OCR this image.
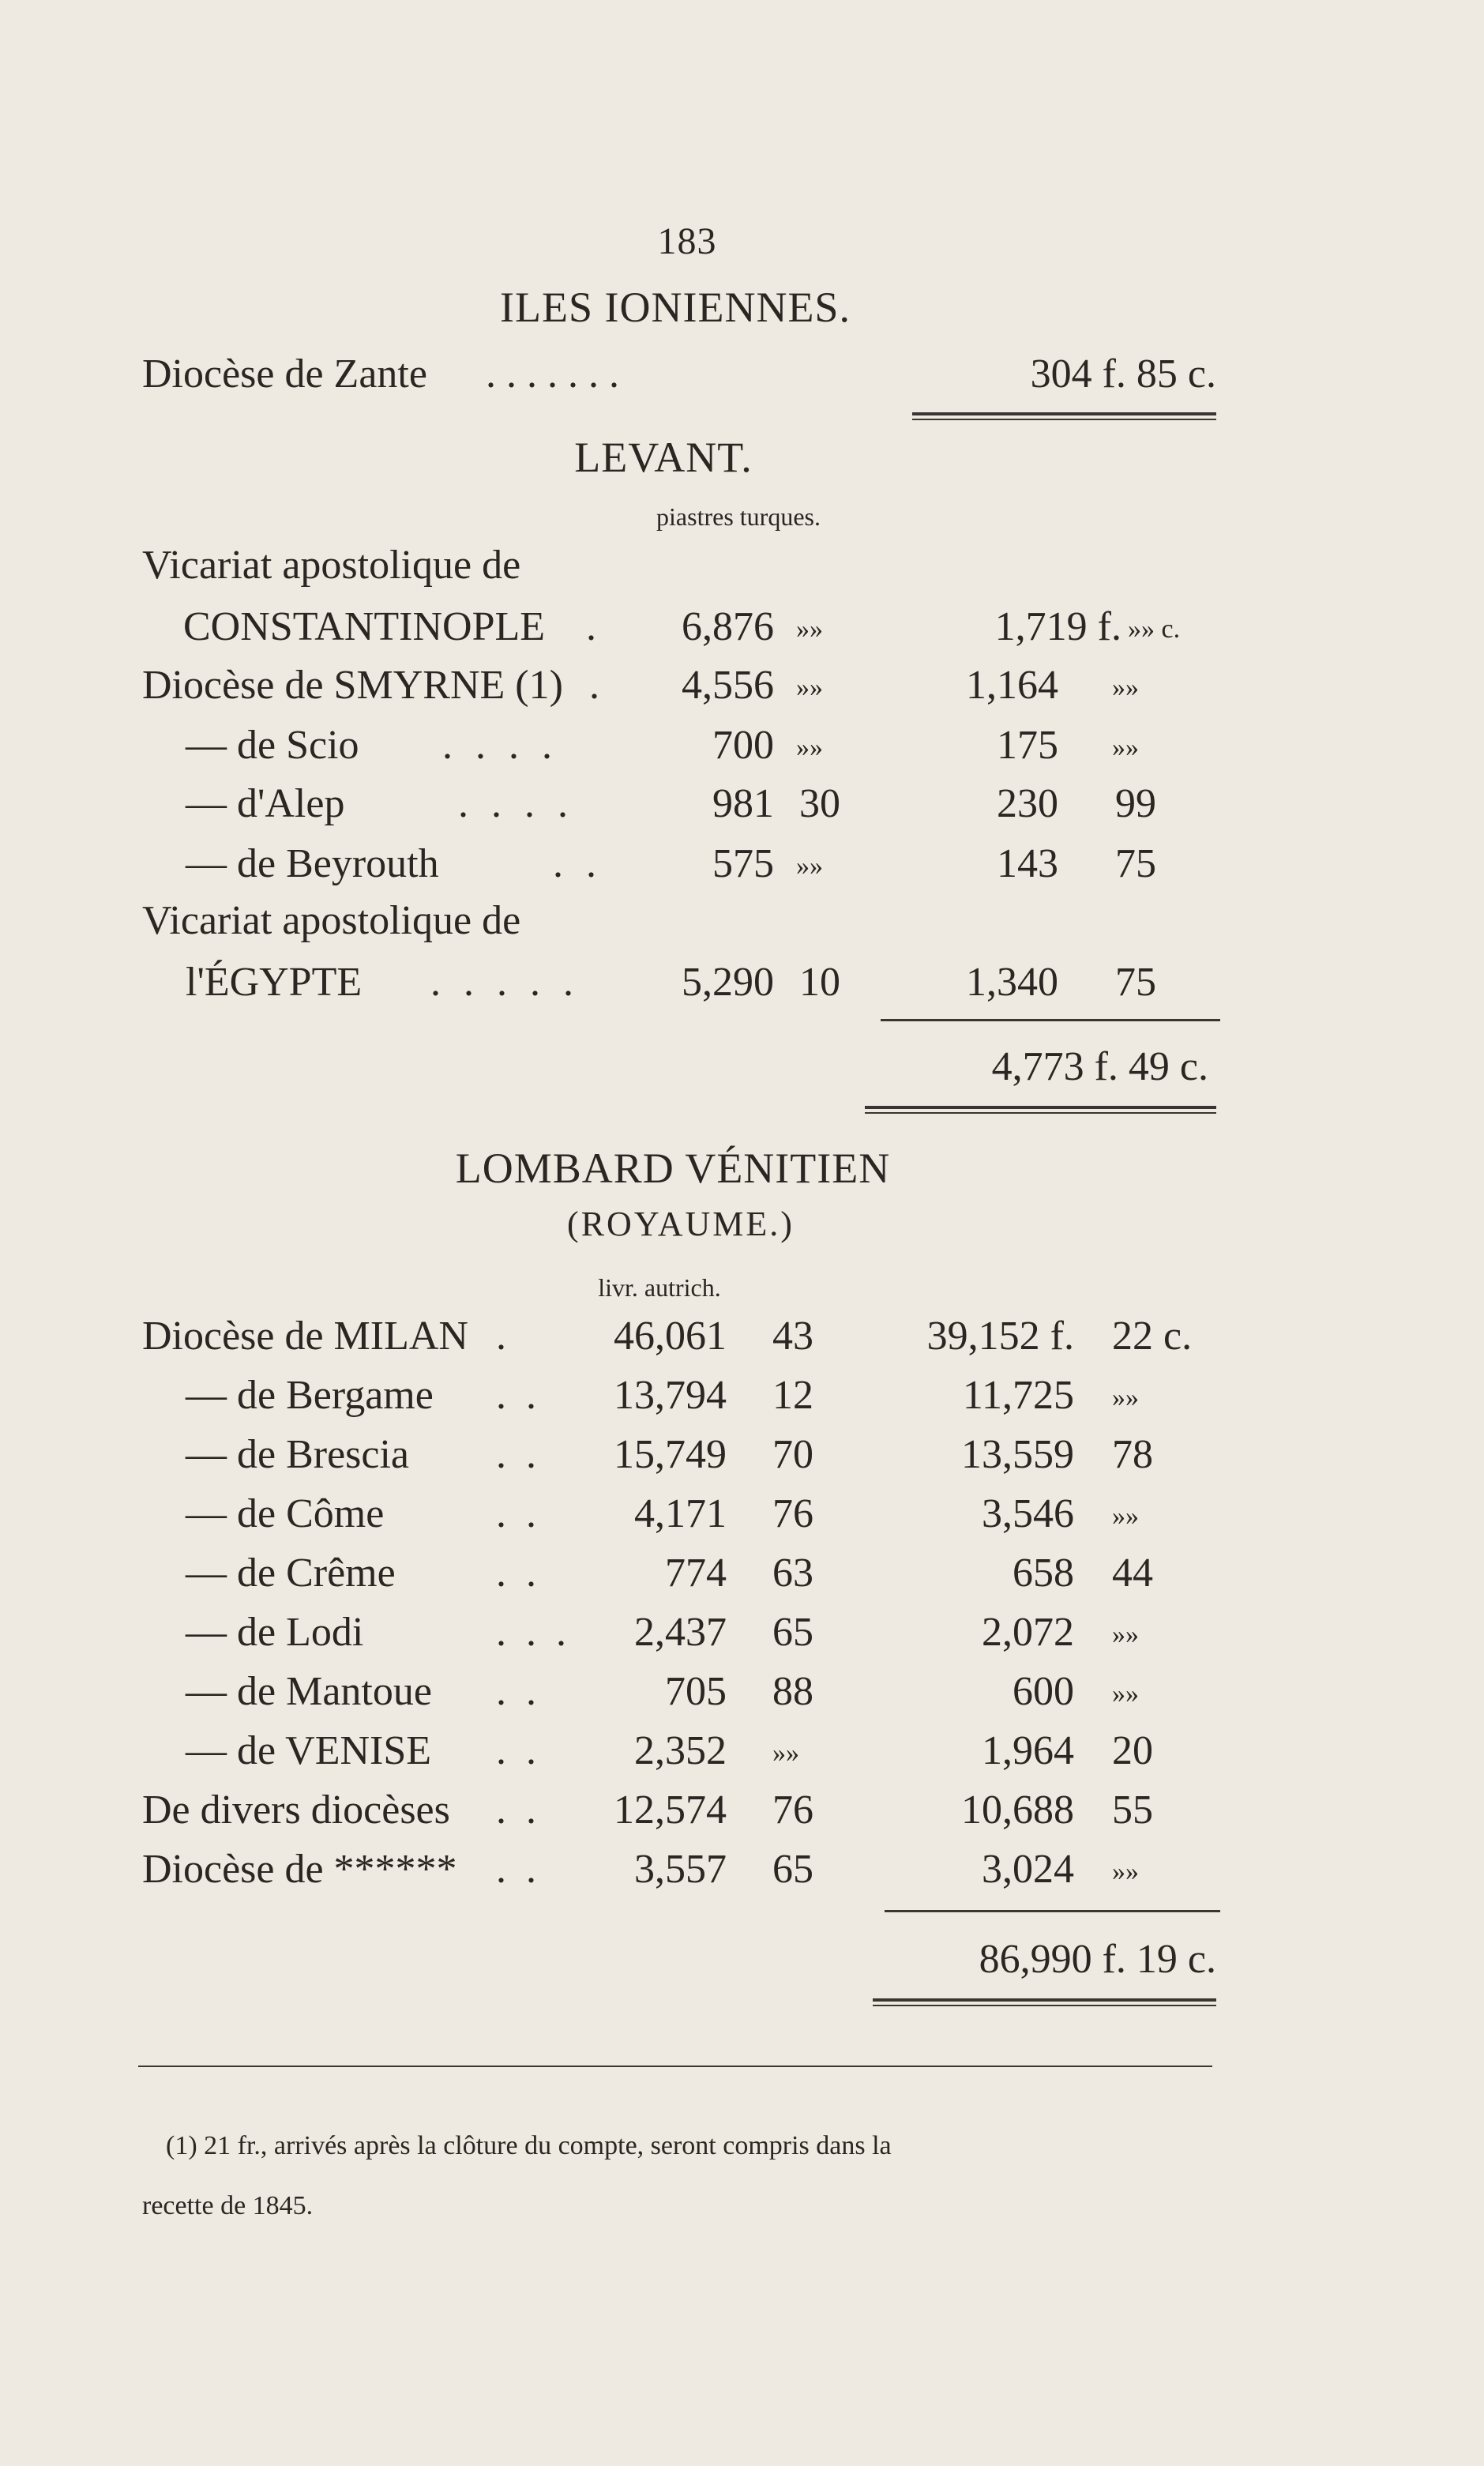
183
ILES IONIENNES.
Diocèse de Zante . . . . . . .	304 f. 85 c.
LEVANT.
piastres turques.
Vicariat apostolique de
CONSTANTINOPLE .	6,876 »»	1,719 f. »» c.
Diocèse de SMYRNE (1) .	4,556 »»	1,164 »»
— de Scio . . . .	700 »»	175 »»
— d'Alep	. . . .	981 30	230 99
— de Beyrouth	. .	575 »»	143 75
Vicariat apostolique de
l'ÉGYPTE . . . . .	5,290 10	1,340 75
4,773 f. 49 c.
LOMBARD VÉNITIEN
(ROYAUME.)
livr. autrich.
Diocèse de MILAN .	46,061 43	39,152 f. 22 c.
— de Bergame . .	13,794 12	11,725 »»
— de Brescia . .	15,749 70	13,559 78
— de Côme	. .	4,171 76	3,546 »»
— de Crême . .	774 63	658 44
— de Lodi	. . .	2,437 65	2,072 »»
— de Mantoue . .	705 88	600 »»
— de VENISE . .	2,352 »»	1,964 20
De divers diocèses . .	12,574 76	10,688 55
Diocèse de ****** . .	3,557 65	3,024 »»
86,990 f. 19 c.
(1) 21 fr., arrivés après la clôture du compte, seront compris dans la
recette de 1845.
